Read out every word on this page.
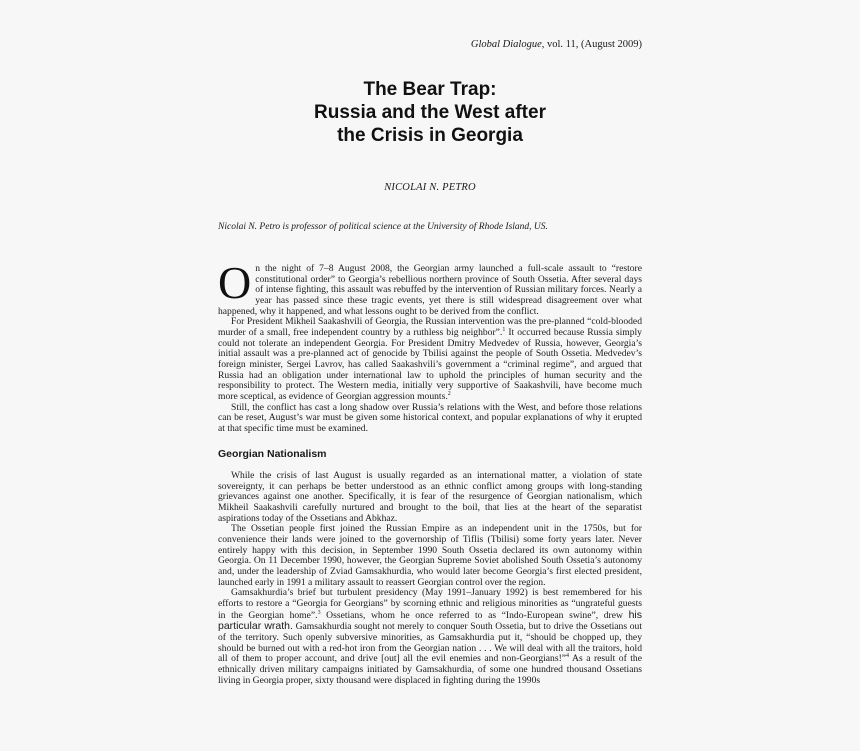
Global Dialogue, vol. 11, (August 2009)
The Bear Trap:
Russia and the West after
the Crisis in Georgia
NICOLAI N. PETRO
Nicolai N. Petro is professor of political science at the University of Rhode Island, US.

On the night of 7–8 August 2008, the Georgian army launched a full-scale assault to “restore constitutional order” to Georgia’s rebellious northern province of South Ossetia. After several days of intense fighting, this assault was rebuffed by the intervention of Russian military forces. Nearly a year has passed since these tragic events, yet there is still widespread disagreement over what happened, why it happened, and what lessons ought to be derived from the conflict.

For President Mikheil Saakashvili of Georgia, the Russian intervention was the pre-planned “cold-blooded murder of a small, free independent country by a ruthless big neighbor”.$^1$ It occurred because Russia simply could not tolerate an independent Georgia. For President Dmitry Medvedev of Russia, however, Georgia’s initial assault was a pre-planned act of genocide by Tbilisi against the people of South Ossetia. Medvedev’s foreign minister, Sergei Lavrov, has called Saakashvili’s government a “criminal regime”, and argued that Russia had an obligation under international law to uphold the principles of human security and the responsibility to protect. The Western media, initially very supportive of Saakashvili, have become much more sceptical, as evidence of Georgian aggression mounts.$^2$

Still, the conflict has cast a long shadow over Russia’s relations with the West, and before those relations can be reset, August’s war must be given some historical context, and popular explanations of why it erupted at that specific time must be examined.

Georgian Nationalism

While the crisis of last August is usually regarded as an international matter, a violation of state sovereignty, it can perhaps be better understood as an ethnic conflict among groups with long-standing grievances against one another. Specifically, it is fear of the resurgence of Georgian nationalism, which Mikheil Saakashvili carefully nurtured and brought to the boil, that lies at the heart of the separatist aspirations today of the Ossetians and Abkhaz.

The Ossetian people first joined the Russian Empire as an independent unit in the 1750s, but for convenience their lands were joined to the governorship of Tiflis (Tbilisi) some forty years later. Never entirely happy with this decision, in September 1990 South Ossetia declared its own autonomy within Georgia. On 11 December 1990, however, the Georgian Supreme Soviet abolished South Ossetia’s autonomy and, under the leadership of Zviad Gamsakhurdia, who would later become Georgia’s first elected president, launched early in 1991 a military assault to reassert Georgian control over the region.

Gamsakhurdia’s brief but turbulent presidency (May 1991–January 1992) is best remembered for his efforts to restore a “Georgia for Georgians” by scorning ethnic and religious minorities as “ungrateful guests in the Georgian home”.$^3$ Ossetians, whom he once referred to as “Indo-European swine”, drew his particular wrath. Gamsakhurdia sought not merely to conquer South Ossetia, but to drive the Ossetians out of the territory. Such openly subversive minorities, as Gamsakhurdia put it, “should be chopped up, they should be burned out with a red-hot iron from the Georgian nation . . . We will deal with all the traitors, hold all of them to proper account, and drive [out] all the evil enemies and non-Georgians!”$^4$ As a result of the ethnically driven military campaigns initiated by Gamsakhurdia, of some one hundred thousand Ossetians living in Georgia proper, sixty thousand were displaced in fighting during the 1990s
